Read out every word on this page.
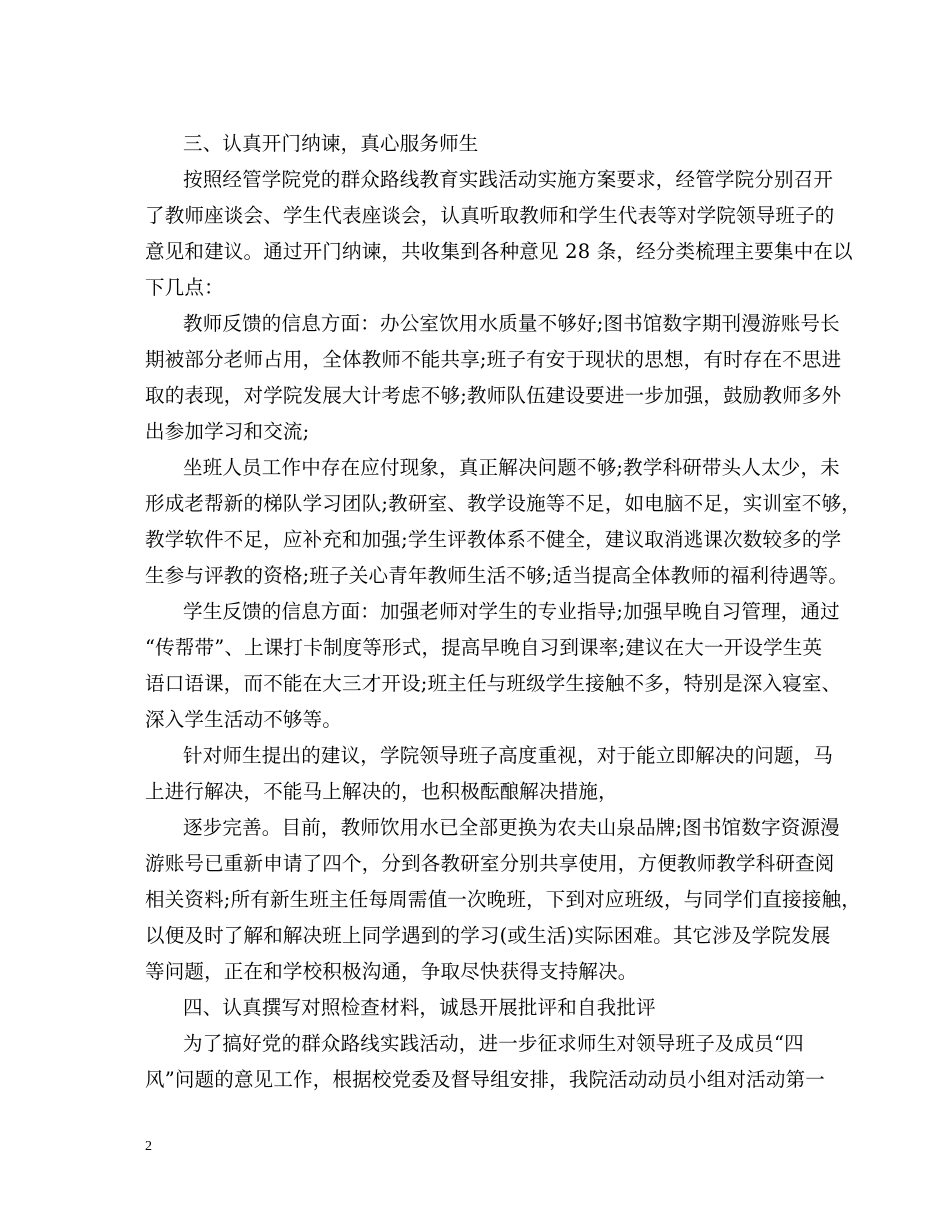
三、认真开门纳谏，真心服务师生
按照经管学院党的群众路线教育实践活动实施方案要求，经管学院分别召开
了教师座谈会、学生代表座谈会，认真听取教师和学生代表等对学院领导班子的
意见和建议。通过开门纳谏，共收集到各种意见 28 条，经分类梳理主要集中在以
下几点：
教师反馈的信息方面：办公室饮用水质量不够好;图书馆数字期刊漫游账号长
期被部分老师占用，全体教师不能共享;班子有安于现状的思想，有时存在不思进
取的表现，对学院发展大计考虑不够;教师队伍建设要进一步加强，鼓励教师多外
出参加学习和交流;
坐班人员工作中存在应付现象，真正解决问题不够;教学科研带头人太少，未
形成老帮新的梯队学习团队;教研室、教学设施等不足，如电脑不足，实训室不够，
教学软件不足，应补充和加强;学生评教体系不健全，建议取消逃课次数较多的学
生参与评教的资格;班子关心青年教师生活不够;适当提高全体教师的福利待遇等。
学生反馈的信息方面：加强老师对学生的专业指导;加强早晚自习管理，通过
“传帮带”、上课打卡制度等形式，提高早晚自习到课率;建议在大一开设学生英
语口语课，而不能在大三才开设;班主任与班级学生接触不多，特别是深入寝室、
深入学生活动不够等。
针对师生提出的建议，学院领导班子高度重视，对于能立即解决的问题，马
上进行解决，不能马上解决的，也积极酝酿解决措施，
逐步完善。目前，教师饮用水已全部更换为农夫山泉品牌;图书馆数字资源漫
游账号已重新申请了四个，分到各教研室分别共享使用，方便教师教学科研查阅
相关资料;所有新生班主任每周需值一次晚班，下到对应班级，与同学们直接接触，
以便及时了解和解决班上同学遇到的学习(或生活)实际困难。其它涉及学院发展
等问题，正在和学校积极沟通，争取尽快获得支持解决。
四、认真撰写对照检查材料，诚恳开展批评和自我批评
为了搞好党的群众路线实践活动，进一步征求师生对领导班子及成员“四
风”问题的意见工作，根据校党委及督导组安排，我院活动动员小组对活动第一
2
